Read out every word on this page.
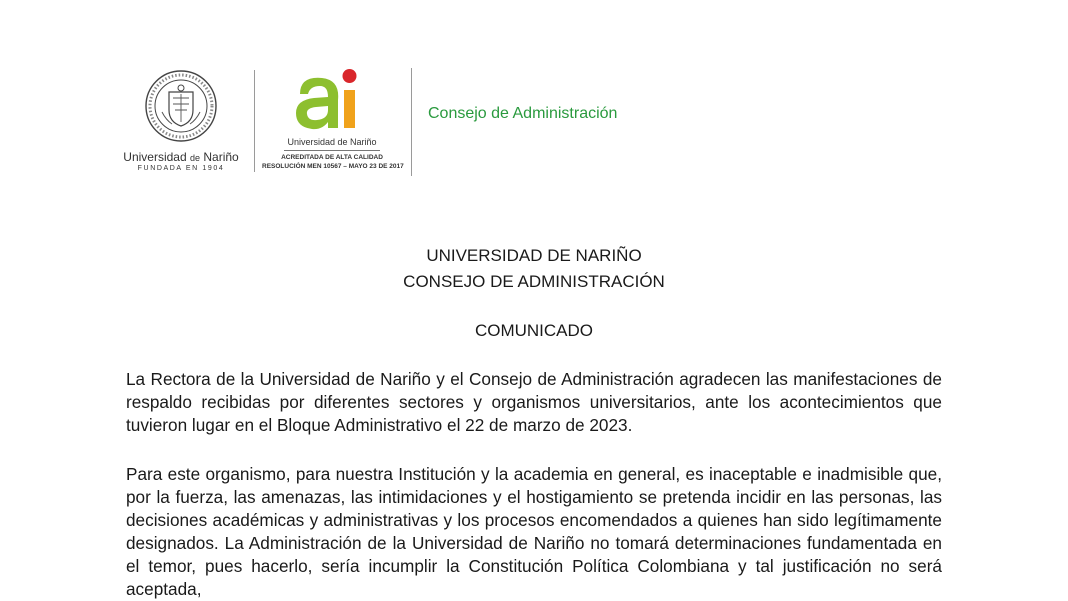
Universidad de Nariño
FUNDADA EN 1904
Universidad de Nariño
ACREDITADA DE ALTA CALIDAD
RESOLUCIÓN MEN 10567 – MAYO 23 DE 2017
Consejo de Administración
UNIVERSIDAD DE NARIÑO
CONSEJO DE ADMINISTRACIÓN
COMUNICADO

La Rectora de la Universidad de Nariño y el Consejo de Administración agradecen las manifestaciones de respaldo recibidas por diferentes sectores y organismos universitarios, ante los acontecimientos que tuvieron lugar en el Bloque Administrativo el 22 de marzo de 2023.

Para este organismo, para nuestra Institución y la academia en general, es inaceptable e inadmisible que, por la fuerza, las amenazas, las intimidaciones y el hostigamiento se pretenda incidir en las personas, las decisiones académicas y administrativas y los procesos encomendados a quienes han sido legítimamente designados. La Administración de la Universidad de Nariño no tomará determinaciones fundamentada en el temor, pues hacerlo, sería incumplir la Constitución Política Colombiana y tal justificación no será aceptada,
